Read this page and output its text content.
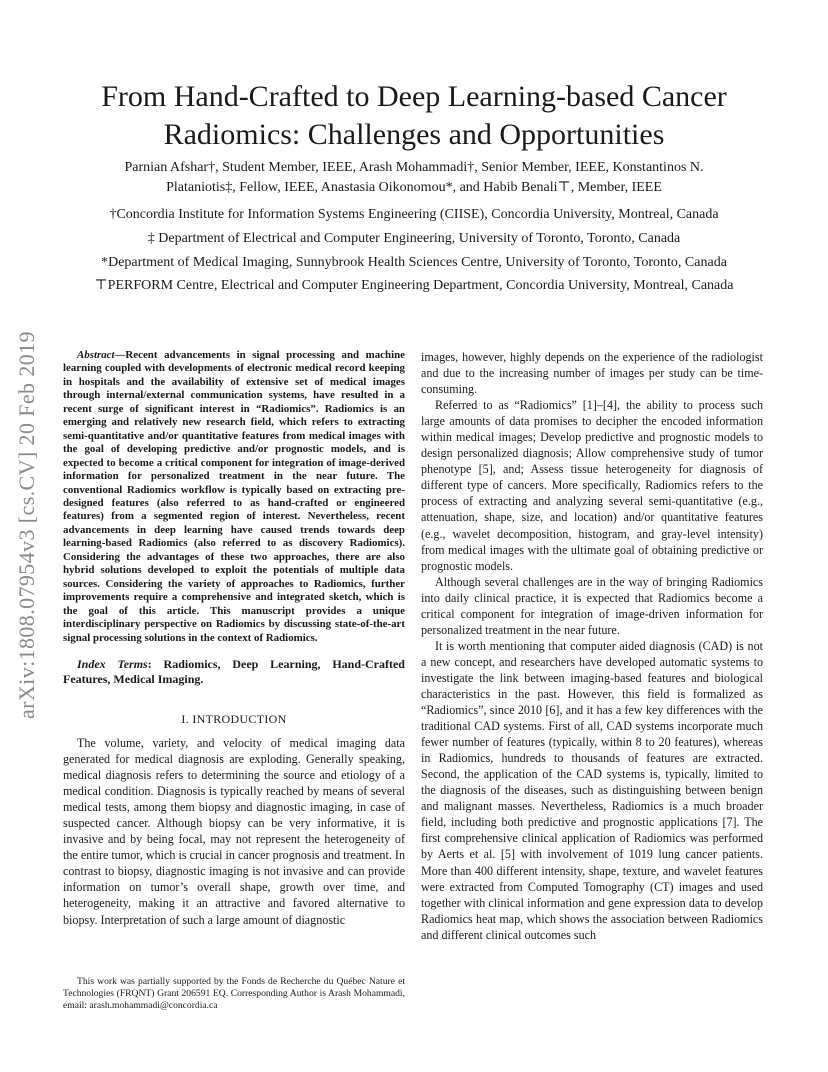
arXiv:1808.07954v3 [cs.CV] 20 Feb 2019
From Hand-Crafted to Deep Learning-based Cancer Radiomics: Challenges and Opportunities
Parnian Afshar†, Student Member, IEEE, Arash Mohammadi†, Senior Member, IEEE, Konstantinos N. Plataniotis‡, Fellow, IEEE, Anastasia Oikonomou*, and Habib Benali⊤, Member, IEEE
†Concordia Institute for Information Systems Engineering (CIISE), Concordia University, Montreal, Canada
‡ Department of Electrical and Computer Engineering, University of Toronto, Toronto, Canada
*Department of Medical Imaging, Sunnybrook Health Sciences Centre, University of Toronto, Toronto, Canada
⊤PERFORM Centre, Electrical and Computer Engineering Department, Concordia University, Montreal, Canada

Abstract—Recent advancements in signal processing and machine learning coupled with developments of electronic medical record keeping in hospitals and the availability of extensive set of medical images through internal/external communication systems, have resulted in a recent surge of significant interest in “Radiomics”. Radiomics is an emerging and relatively new research field, which refers to extracting semi-quantitative and/or quantitative features from medical images with the goal of developing predictive and/or prognostic models, and is expected to become a critical component for integration of image-derived information for personalized treatment in the near future. The conventional Radiomics workflow is typically based on extracting pre-designed features (also referred to as hand-crafted or engineered features) from a segmented region of interest. Nevertheless, recent advancements in deep learning have caused trends towards deep learning-based Radiomics (also referred to as discovery Radiomics). Considering the advantages of these two approaches, there are also hybrid solutions developed to exploit the potentials of multiple data sources. Considering the variety of approaches to Radiomics, further improvements require a comprehensive and integrated sketch, which is the goal of this article. This manuscript provides a unique interdisciplinary perspective on Radiomics by discussing state-of-the-art signal processing solutions in the context of Radiomics.

Index Terms: Radiomics, Deep Learning, Hand-Crafted Features, Medical Imaging.

I. INTRODUCTION

The volume, variety, and velocity of medical imaging data generated for medical diagnosis are exploding. Generally speaking, medical diagnosis refers to determining the source and etiology of a medical condition. Diagnosis is typically reached by means of several medical tests, among them biopsy and diagnostic imaging, in case of suspected cancer. Although biopsy can be very informative, it is invasive and by being focal, may not represent the heterogeneity of the entire tumor, which is crucial in cancer prognosis and treatment. In contrast to biopsy, diagnostic imaging is not invasive and can provide information on tumor’s overall shape, growth over time, and heterogeneity, making it an attractive and favored alternative to biopsy. Interpretation of such a large amount of diagnostic

This work was partially supported by the Fonds de Recherche du Québec Nature et Technologies (FRQNT) Grant 206591 EQ. Corresponding Author is Arash Mohammadi, email: arash.mohammadi@concordia.ca

images, however, highly depends on the experience of the radiologist and due to the increasing number of images per study can be time-consuming.

Referred to as “Radiomics” [1]–[4], the ability to process such large amounts of data promises to decipher the encoded information within medical images; Develop predictive and prognostic models to design personalized diagnosis; Allow comprehensive study of tumor phenotype [5], and; Assess tissue heterogeneity for diagnosis of different type of cancers. More specifically, Radiomics refers to the process of extracting and analyzing several semi-quantitative (e.g., attenuation, shape, size, and location) and/or quantitative features (e.g., wavelet decomposition, histogram, and gray-level intensity) from medical images with the ultimate goal of obtaining predictive or prognostic models.

Although several challenges are in the way of bringing Radiomics into daily clinical practice, it is expected that Radiomics become a critical component for integration of image-driven information for personalized treatment in the near future.

It is worth mentioning that computer aided diagnosis (CAD) is not a new concept, and researchers have developed automatic systems to investigate the link between imaging-based features and biological characteristics in the past. However, this field is formalized as “Radiomics”, since 2010 [6], and it has a few key differences with the traditional CAD systems. First of all, CAD systems incorporate much fewer number of features (typically, within 8 to 20 features), whereas in Radiomics, hundreds to thousands of features are extracted. Second, the application of the CAD systems is, typically, limited to the diagnosis of the diseases, such as distinguishing between benign and malignant masses. Nevertheless, Radiomics is a much broader field, including both predictive and prognostic applications [7]. The first comprehensive clinical application of Radiomics was performed by Aerts et al. [5] with involvement of 1019 lung cancer patients. More than 400 different intensity, shape, texture, and wavelet features were extracted from Computed Tomography (CT) images and used together with clinical information and gene expression data to develop Radiomics heat map, which shows the association between Radiomics and different clinical outcomes such
